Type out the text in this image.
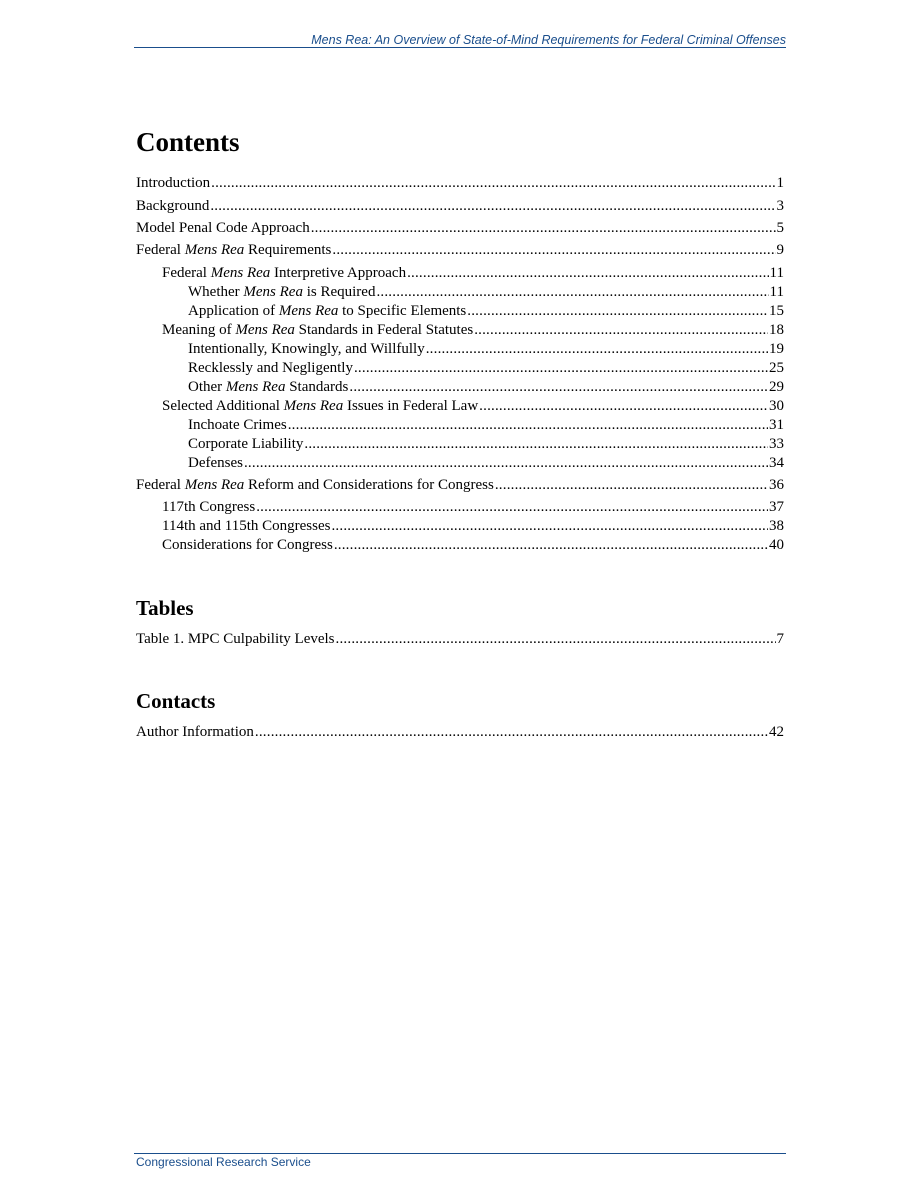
Mens Rea: An Overview of State-of-Mind Requirements for Federal Criminal Offenses
Contents
Introduction .....	1
Background .....	3
Model Penal Code Approach .....	5
Federal Mens Rea Requirements .....	9
Federal Mens Rea Interpretive Approach .....	11
Whether Mens Rea is Required .....	11
Application of Mens Rea to Specific Elements .....	15
Meaning of Mens Rea Standards in Federal Statutes .....	18
Intentionally, Knowingly, and Willfully .....	19
Recklessly and Negligently .....	25
Other Mens Rea Standards .....	29
Selected Additional Mens Rea Issues in Federal Law .....	30
Inchoate Crimes .....	31
Corporate Liability .....	33
Defenses .....	34
Federal Mens Rea Reform and Considerations for Congress .....	36
117th Congress .....	37
114th and 115th Congresses .....	38
Considerations for Congress .....	40
Tables
Table 1. MPC Culpability Levels .....	7
Contacts
Author Information .....	42
Congressional Research Service
